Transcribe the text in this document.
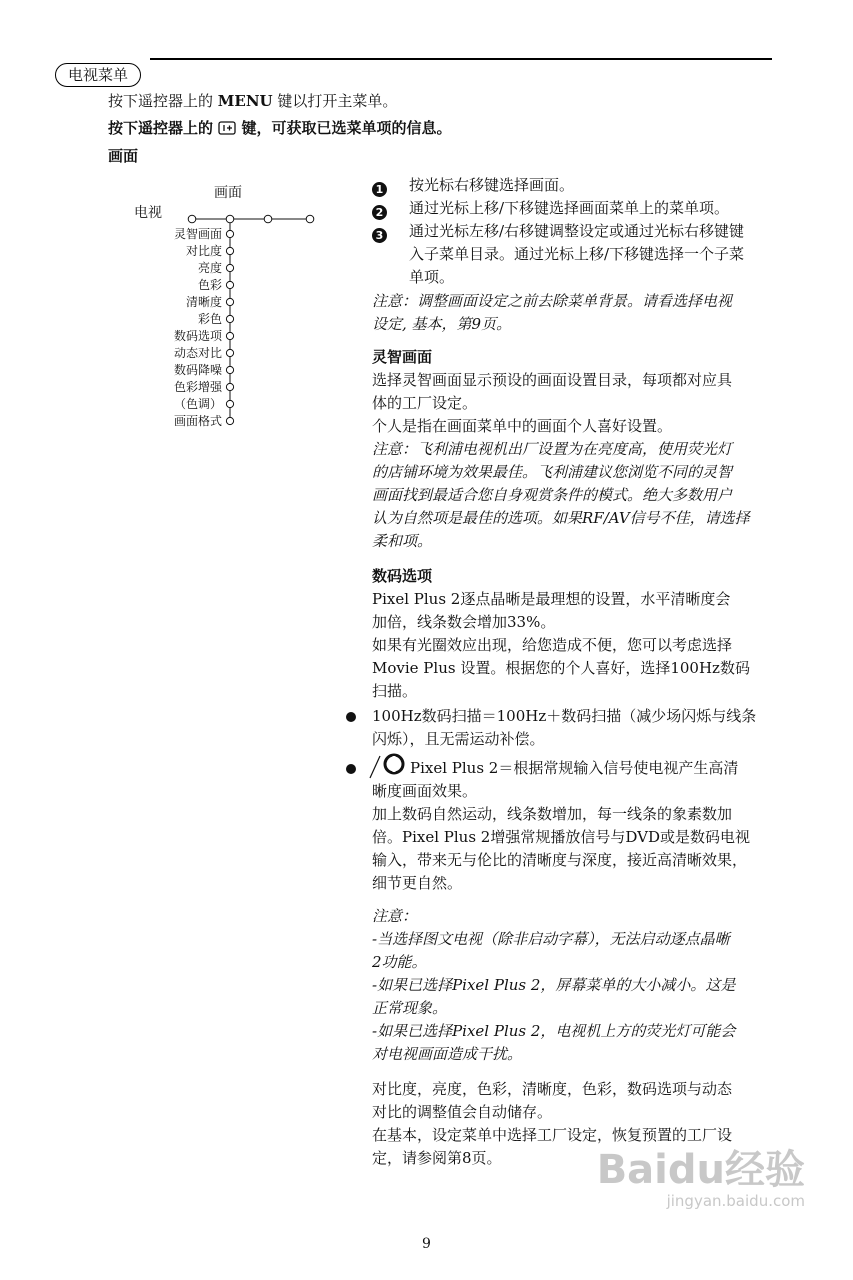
电视菜单
按下遥控器上的 MENU 键以打开主菜单。
按下遥控器上的 键，可获取已选菜单项的信息。
画面
画面
电视
灵智画面
对比度
亮度
色彩
清晰度
彩色
数码选项
动态对比
数码降噪
色彩增强
（色调）
画面格式
1 按光标右移键选择画面。
2 通过光标上移/下移键选择画面菜单上的菜单项。
3 通过光标左移/右移键调整设定或通过光标右移键键
入子菜单目录。通过光标上移/下移键选择一个子菜
单项。
注意：调整画面设定之前去除菜单背景。请看选择电视
设定, 基本，第9页。
灵智画面
选择灵智画面显示预设的画面设置目录，每项都对应具
体的工厂设定。
个人是指在画面菜单中的画面个人喜好设置。
注意：飞利浦电视机出厂设置为在亮度高，使用荧光灯
的店铺环境为效果最佳。飞利浦建议您浏览不同的灵智
画面找到最适合您自身观赏条件的模式。绝大多数用户
认为自然项是最佳的选项。如果RF/AV信号不佳，请选择
柔和项。
数码选项
Pixel Plus 2逐点晶晰是最理想的设置，水平清晰度会
加倍，线条数会增加33%。
如果有光圈效应出现，给您造成不便，您可以考虑选择
Movie Plus 设置。根据您的个人喜好，选择100Hz数码
扫描。
100Hz数码扫描＝100Hz＋数码扫描（减少场闪烁与线条
闪烁），且无需运动补偿。
Pixel Plus 2＝根据常规输入信号使电视产生高清
晰度画面效果。
加上数码自然运动，线条数增加，每一线条的象素数加
倍。Pixel Plus 2增强常规播放信号与DVD或是数码电视
输入，带来无与伦比的清晰度与深度，接近高清晰效果，
细节更自然。
注意：
-当选择图文电视（除非启动字幕），无法启动逐点晶晰
2功能。
-如果已选择Pixel Plus 2，屏幕菜单的大小减小。这是
正常现象。
-如果已选择Pixel Plus 2，电视机上方的荧光灯可能会
对电视画面造成干扰。
对比度，亮度，色彩，清晰度，色彩，数码选项与动态
对比的调整值会自动储存。
在基本，设定菜单中选择工厂设定，恢复预置的工厂设
定，请参阅第8页。 Baidu经验
jingyan.baidu.com
9
